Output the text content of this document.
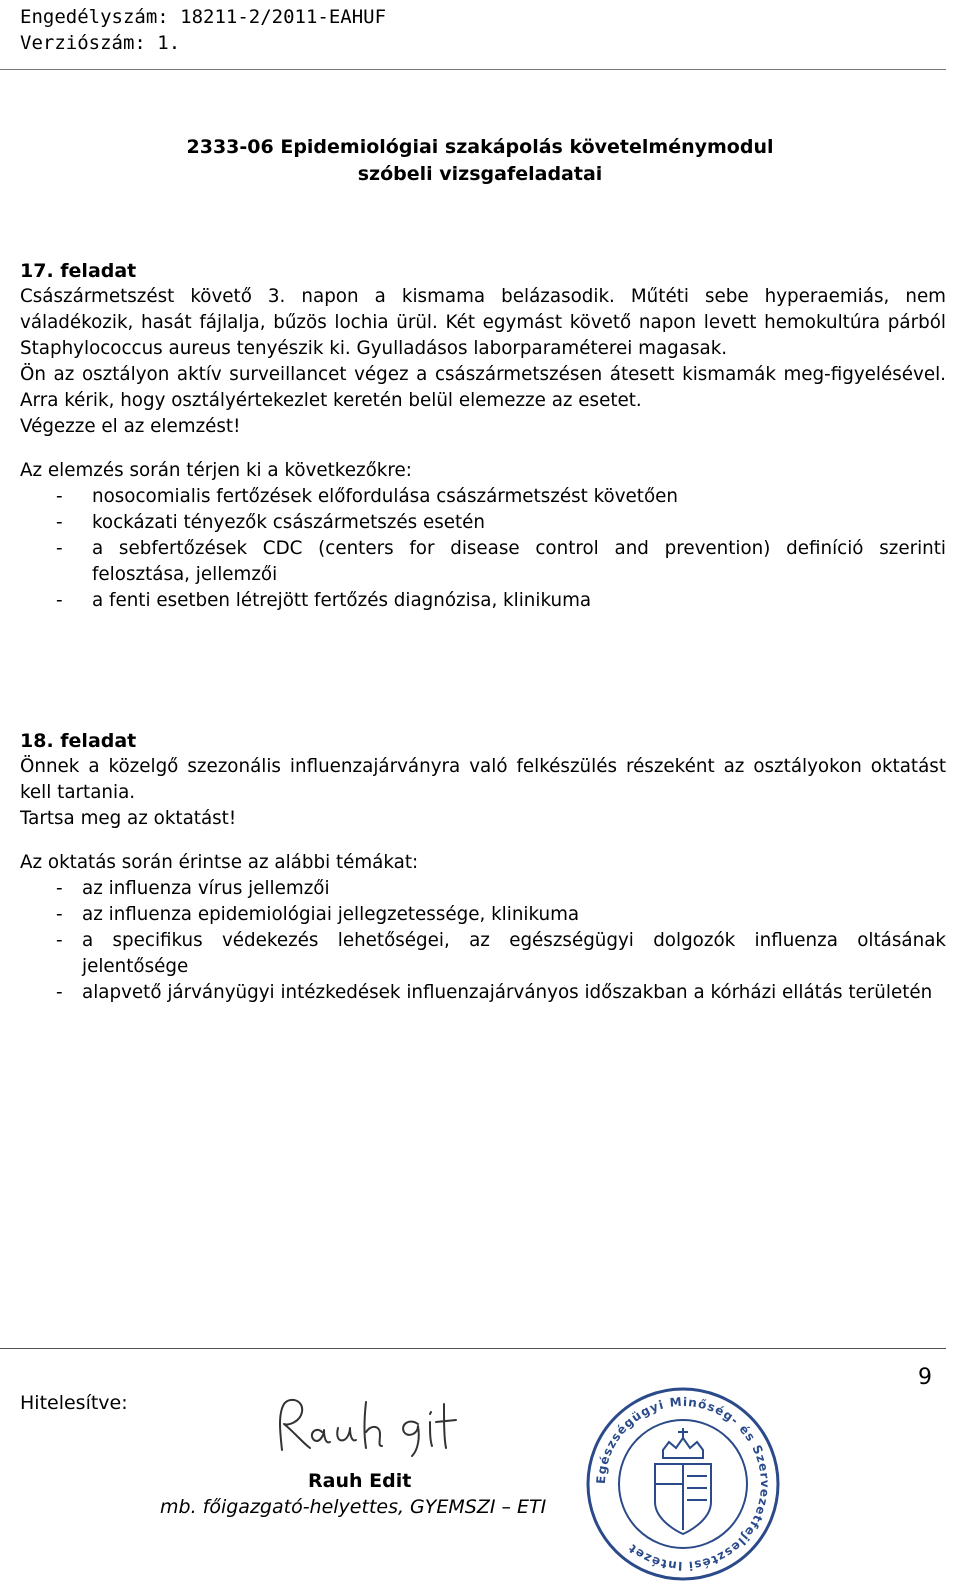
Engedélyszám: 18211-2/2011-EAHUF
Verziószám: 1.
2333-06 Epidemiológiai szakápolás követelménymodul
szóbeli vizsgafeladatai
17. feladat
Császármetszést követő 3. napon a kismama belázasodik. Műtéti sebe hyperaemiás, nem váladékozik, hasát fájlalja, bűzös lochia ürül. Két egymást követő napon levett hemokultúra párból Staphylococcus aureus tenyészik ki. Gyulladásos laborparaméterei magasak.
Ön az osztályon aktív surveillancet végez a császármetszésen átesett kismamák meg-figyelésével. Arra kérik, hogy osztályértekezlet keretén belül elemezze az esetet.
Végezze el az elemzést!
Az elemzés során térjen ki a következőkre:
- nosocomialis fertőzések előfordulása császármetszést követően
- kockázati tényezők császármetszés esetén
- a sebfertőzések CDC (centers for disease control and prevention) definíció szerinti felosztása, jellemzői
- a fenti esetben létrejött fertőzés diagnózisa, klinikuma
18. feladat
Önnek a közelgő szezonális influenzajárványra való felkészülés részeként az osztályokon oktatást kell tartania.
Tartsa meg az oktatást!
Az oktatás során érintse az alábbi témákat:
- az influenza vírus jellemzői
- az influenza epidemiológiai jellegzetessége, klinikuma
- a specifikus védekezés lehetőségei, az egészségügyi dolgozók influenza oltásának jelentősége
- alapvető járványügyi intézkedések influenzajárványos időszakban a kórházi ellátás területén
9
Hitelesítve:
Rauh Edit
mb. főigazgató-helyettes, GYEMSZI – ETI
Egészségügyi Minőség- és Szervezetfejlesztési Intézet
